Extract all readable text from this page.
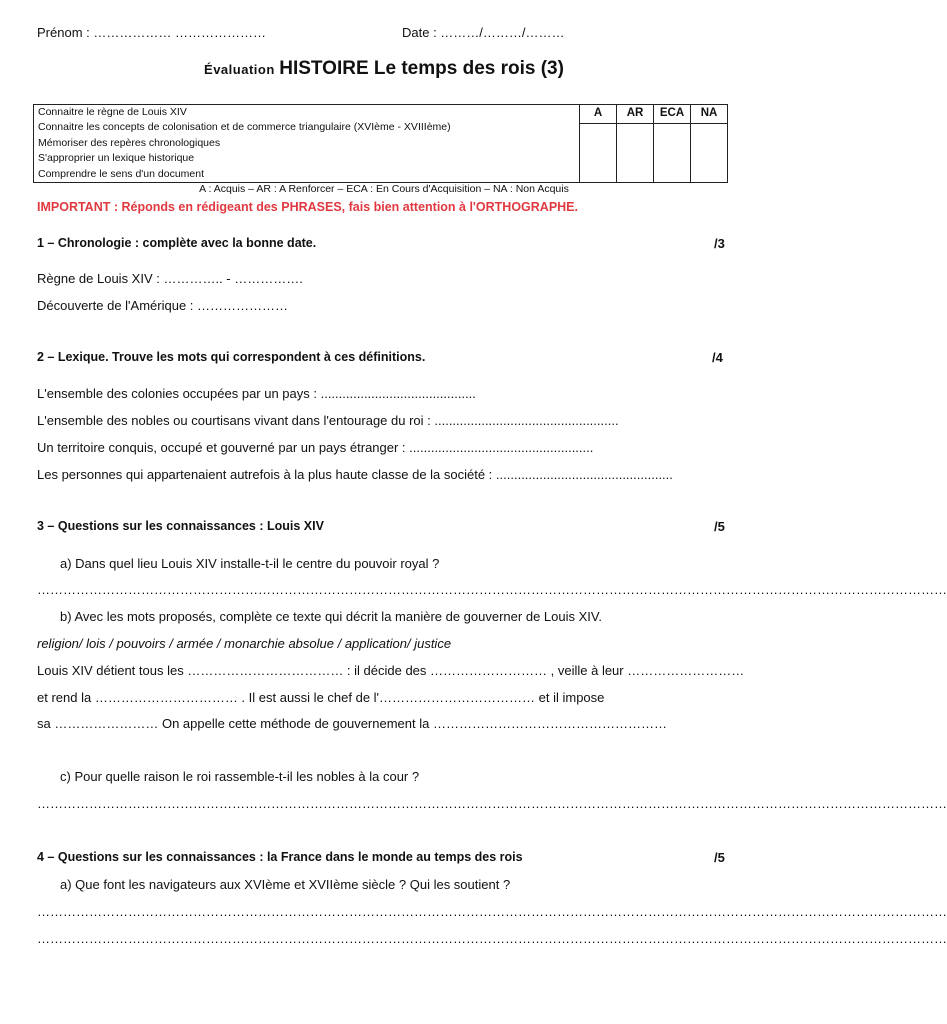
Prénom : ……………… …………………	Date : ………/………/………
Évaluation HISTOIRE Le temps des rois (3)
Connaitre le règne de Louis XIV
Connaitre les concepts de colonisation et de commerce triangulaire (XVIème - XVIIIème)
Mémoriser des repères chronologiques
S'approprier un lexique historique
Comprendre le sens d'un document

A	AR	ECA	NA
A : Acquis – AR : A Renforcer – ECA : En Cours d'Acquisition – NA : Non Acquis
IMPORTANT : Réponds en rédigeant des PHRASES, fais bien attention à l'ORTHOGRAPHE.
1 – Chronologie : complète avec la bonne date.	/3
Règne de Louis XIV : ………….. - …………….
Découverte de l'Amérique : …………………
2 – Lexique. Trouve les mots qui correspondent à ces définitions.	/4
L'ensemble des colonies occupées par un pays : ...........................................
L'ensemble des nobles ou courtisans vivant dans l'entourage du roi : ...................................................
Un territoire conquis, occupé et gouverné par un pays étranger : ...................................................
Les personnes qui appartenaient autrefois à la plus haute classe de la société : .................................................
3 – Questions sur les connaissances : Louis XIV	/5
a) Dans quel lieu Louis XIV installe-t-il le centre du pouvoir royal ?
…………………………………………………………………………………………………………………………………………………………………………………………
b) Avec les mots proposés, complète ce texte qui décrit la manière de gouverner de Louis XIV.
religion/ lois / pouvoirs / armée / monarchie absolue / application/ justice
Louis XIV détient tous les ……………………………… : il décide des ……………………… , veille à leur ………………………
et rend la …………………………… . Il est aussi le chef de l'……………………………… et il impose
sa …………………… On appelle cette méthode de gouvernement la ………………………………………………
c) Pour quelle raison le roi rassemble-t-il les nobles à la cour ?
…………………………………………………………………………………………………………………………………………………………………………………………
4 – Questions sur les connaissances : la France dans le monde au temps des rois	/5
a) Que font les navigateurs aux XVIème et XVIIème siècle ? Qui les soutient ?
…………………………………………………………………………………………………………………………………………………………………………………………
…………………………………………………………………………………………………………………………………………………………………………………………
